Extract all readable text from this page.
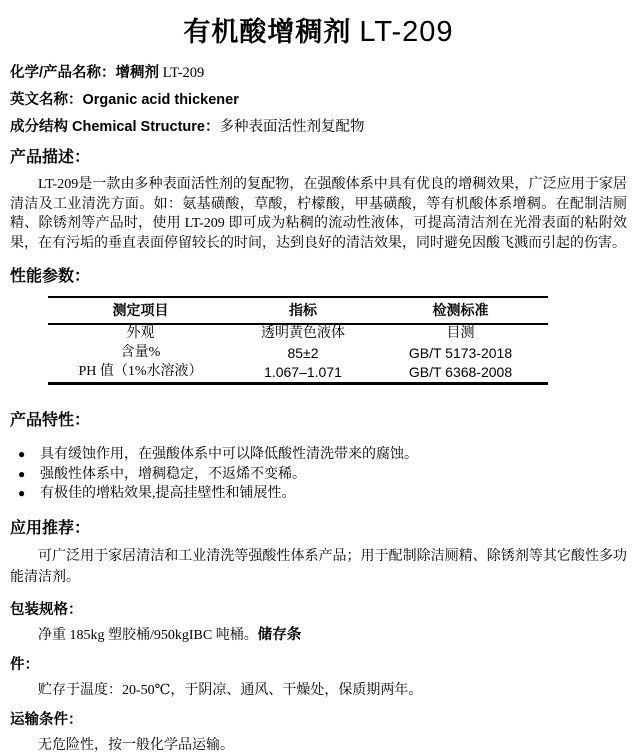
有机酸增稠剂 LT-209

化学/产品名称：增稠剂 LT-209

英文名称：Organic acid thickener

成分结构 Chemical Structure：多种表面活性剂复配物

产品描述：

LT-209是一款由多种表面活性剂的复配物，在强酸体系中具有优良的增稠效果，广泛应用于家居清洁及工业清洗方面。如：氨基磺酸，草酸，柠檬酸，甲基磺酸，等有机酸体系增稠。在配制洁厕精、除锈剂等产品时，使用 LT-209 即可成为粘稠的流动性液体，可提高清洁剂在光滑表面的粘附效果，在有污垢的垂直表面停留较长的时间，达到良好的清洁效果，同时避免因酸飞溅而引起的伤害。

性能参数：
测定项目	指标	检测标准
外观	透明黄色液体	目测
含量%	85±2	GB/T 5173-2018
PH 值（1%水溶液）	1.067–1.071	GB/T 6368-2008
产品特性：
● 具有缓蚀作用，在强酸体系中可以降低酸性清洗带来的腐蚀。
● 强酸性体系中，增稠稳定，不返烯不变稀。
● 有极佳的增粘效果,提高挂壁性和铺展性。
应用推荐：

可广泛用于家居清洁和工业清洗等强酸性体系产品；用于配制除洁厕精、除锈剂等其它酸性多功能清洁剂。

包装规格：

净重 185kg 塑胶桶/950kgIBC 吨桶。储存条

件：

贮存于温度：20-50℃，于阴凉、通风、干燥处，保质期两年。

运输条件：

无危险性，按一般化学品运输。
